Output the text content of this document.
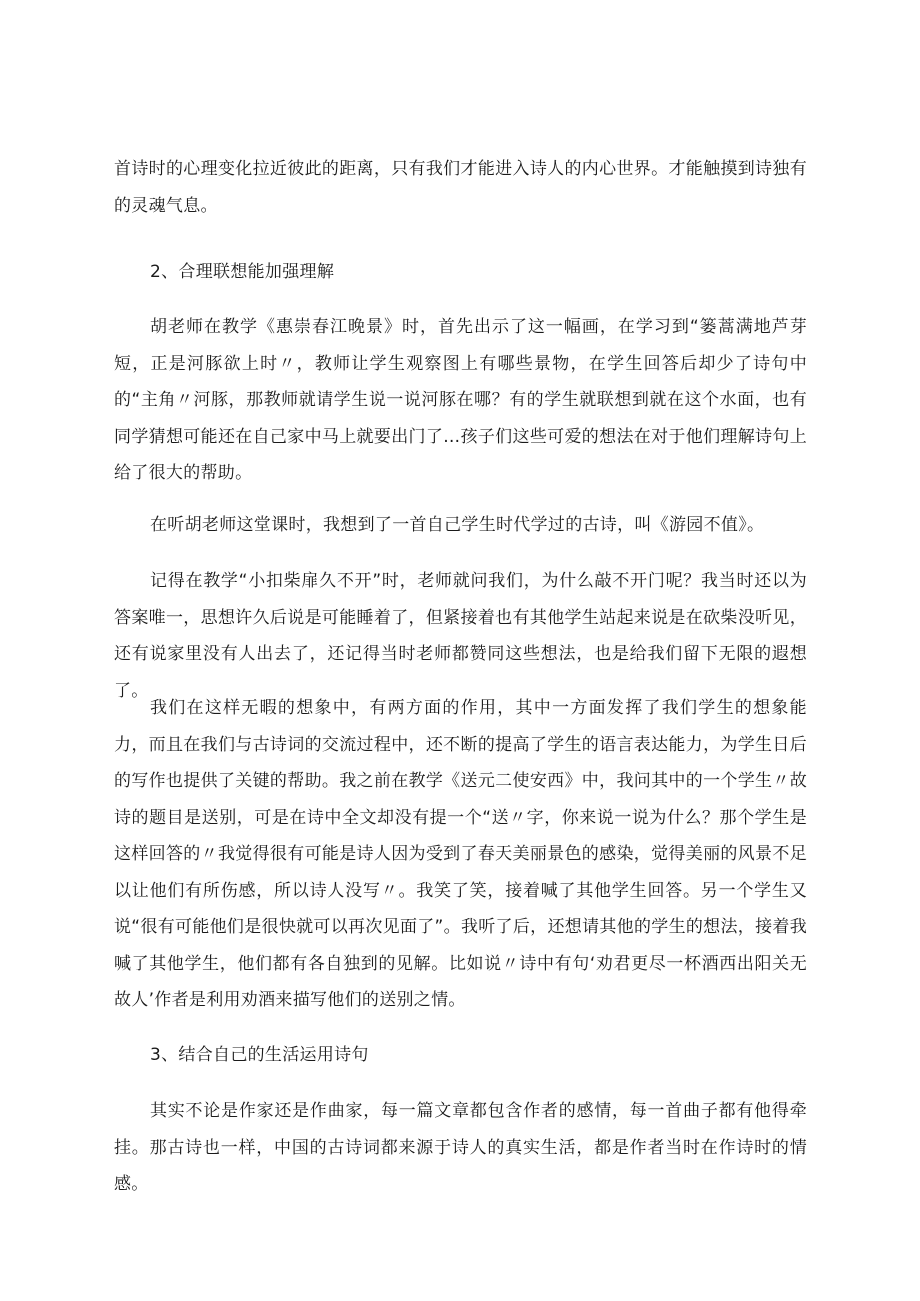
首诗时的心理变化拉近彼此的距离，只有我们才能进入诗人的内心世界。才能触摸到诗独有的灵魂气息。

2、合理联想能加强理解

胡老师在教学《惠崇春江晚景》时，首先出示了这一幅画，在学习到“篓蒿满地芦芽短，正是河豚欲上时〃，教师让学生观察图上有哪些景物，在学生回答后却少了诗句中的“主角〃河豚，那教师就请学生说一说河豚在哪？有的学生就联想到就在这个水面，也有同学猜想可能还在自己家中马上就要出门了…孩子们这些可爱的想法在对于他们理解诗句上给了很大的帮助。

在听胡老师这堂课时，我想到了一首自己学生时代学过的古诗，叫《游园不值》。

记得在教学“小扣柴扉久不开”时，老师就问我们，为什么敲不开门呢？我当时还以为答案唯一，思想许久后说是可能睡着了，但紧接着也有其他学生站起来说是在砍柴没听见，还有说家里没有人出去了，还记得当时老师都赞同这些想法，也是给我们留下无限的遐想了。

我们在这样无暇的想象中，有两方面的作用，其中一方面发挥了我们学生的想象能力，而且在我们与古诗词的交流过程中，还不断的提高了学生的语言表达能力，为学生日后的写作也提供了关键的帮助。我之前在教学《送元二使安西》中，我问其中的一个学生〃故诗的题目是送别，可是在诗中全文却没有提一个“送〃字，你来说一说为什么？那个学生是这样回答的〃我觉得很有可能是诗人因为受到了春天美丽景色的感染，觉得美丽的风景不足以让他们有所伤感，所以诗人没写〃。我笑了笑，接着喊了其他学生回答。另一个学生又说“很有可能他们是很快就可以再次见面了”。我听了后，还想请其他的学生的想法，接着我喊了其他学生，他们都有各自独到的见解。比如说〃诗中有句‘劝君更尽一杯酒西出阳关无故人’作者是利用劝酒来描写他们的送别之情。

3、结合自己的生活运用诗句

其实不论是作家还是作曲家，每一篇文章都包含作者的感情，每一首曲子都有他得牵挂。那古诗也一样，中国的古诗词都来源于诗人的真实生活，都是作者当时在作诗时的情感。
